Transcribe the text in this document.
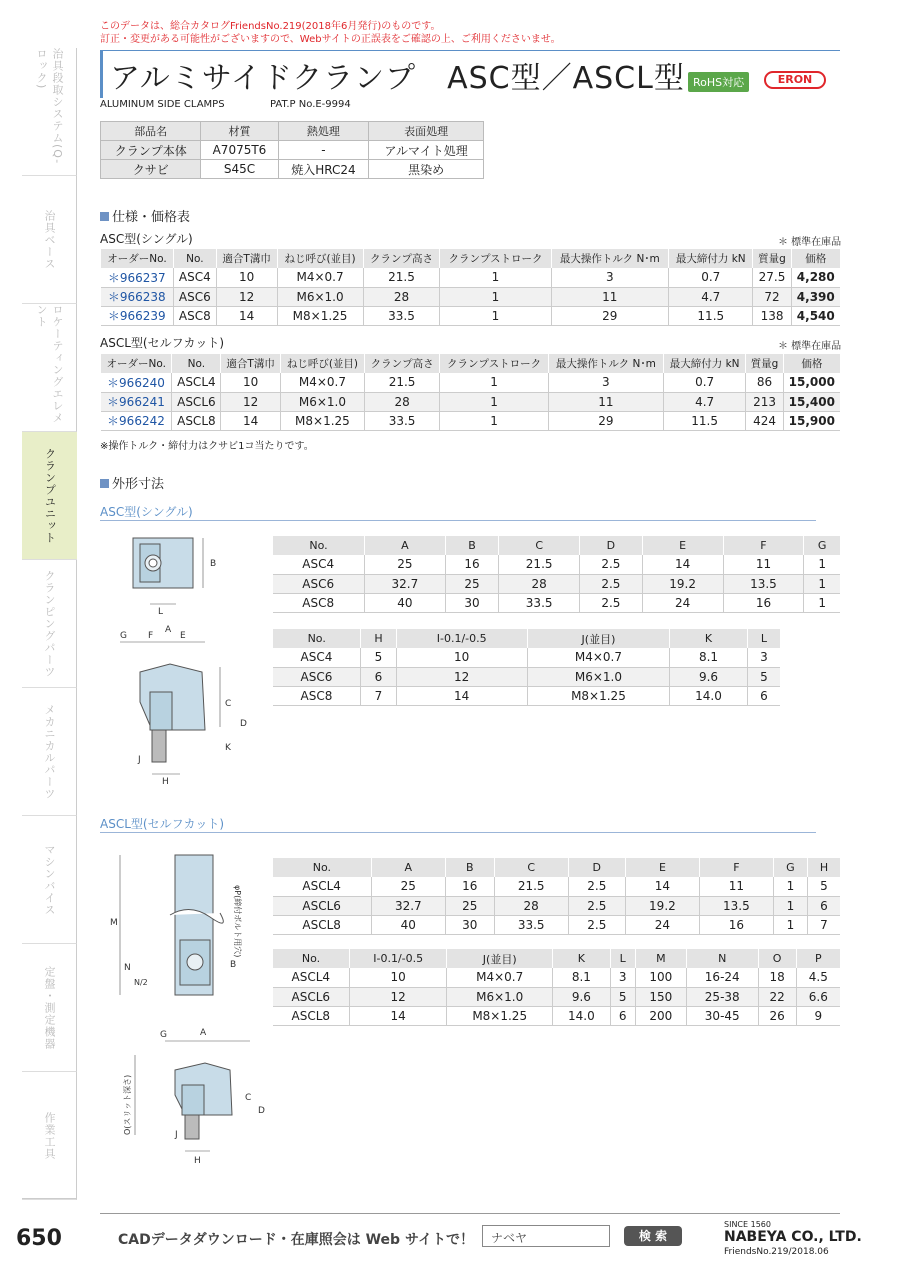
このデータは、総合カタログFriendsNo.219(2018年6月発行)のものです。
訂正・変更がある可能性がございますので、Webサイトの正誤表をご確認の上、ご利用くださいませ。
治具段取システム(Q-ロック)
治具ベース
ロケーティングエレメント
クランプユニット
クランピングパーツ
メカニカルパーツ
マシンバイス
定盤・測定機器
作業工具
650
アルミサイドクランプ　ASC型／ASCL型 RoHS対応	ERON
ALUMINUM SIDE CLAMPS	PAT.P No.E-9994
部品名	材質	熱処理	表面処理
クランプ本体	A7075T6	-	アルマイト処理
クサビ	S45C	焼入HRC24	黒染め
仕様・価格表
ASC型(シングル)	＊ 標準在庫品
オーダーNo.	No.	適合T溝巾	ねじ呼び(並目)	クランプ高さ	クランプストローク	最大操作トルク N･m	最大締付力 kN	質量g	価格
＊966237	ASC4	10	M4×0.7	21.5	1	3	0.7	27.5	4,280
＊966238	ASC6	12	M6×1.0	28	1	11	4.7	72	4,390
＊966239	ASC8	14	M8×1.25	33.5	1	29	11.5	138	4,540
ASCL型(セルフカット)	＊ 標準在庫品
オーダーNo.	No.	適合T溝巾	ねじ呼び(並目)	クランプ高さ	クランプストローク	最大操作トルク N･m	最大締付力 kN	質量g	価格
＊966240	ASCL4	10	M4×0.7	21.5	1	3	0.7	86	15,000
＊966241	ASCL6	12	M6×1.0	28	1	11	4.7	213	15,400
＊966242	ASCL8	14	M8×1.25	33.5	1	29	11.5	424	15,900
※操作トルク・締付力はクサビ1コ当たりです。
外形寸法
ASC型(シングル)
No.	A	B	C	D	E	F	G
ASC4	25	16	21.5	2.5	14	11	1
ASC6	32.7	25	28	2.5	19.2	13.5	1
ASC8	40	30	33.5	2.5	24	16	1
No.	H	I-0.1/-0.5	J(並目)	K	L
ASC4	5	10	M4×0.7	8.1	3
ASC6	6	12	M6×1.0	9.6	5
ASC8	7	14	M8×1.25	14.0	6
ASCL型(セルフカット)
No.	A	B	C	D	E	F	G	H
ASCL4	25	16	21.5	2.5	14	11	1	5
ASCL6	32.7	25	28	2.5	19.2	13.5	1	6
ASCL8	40	30	33.5	2.5	24	16	1	7
No.	I-0.1/-0.5	J(並目)	K	L	M	N	O	P
ASCL4	10	M4×0.7	8.1	3	100	16-24	18	4.5
ASCL6	12	M6×1.0	9.6	5	150	25-38	22	6.6
ASCL8	14	M8×1.25	14.0	6	200	30-45	26	9
B
L
G F
A
E
C
D
K
J
H
M
N
N/2
B
φP(締付ボルト用穴)
G	A
O(スリット深さ)	C
D
J
H
CADデータダウンロード・在庫照会は Web サイトで！	ナベヤ	検 索
SINCE 1560
NABEYA CO., LTD.
FriendsNo.219/2018.06
